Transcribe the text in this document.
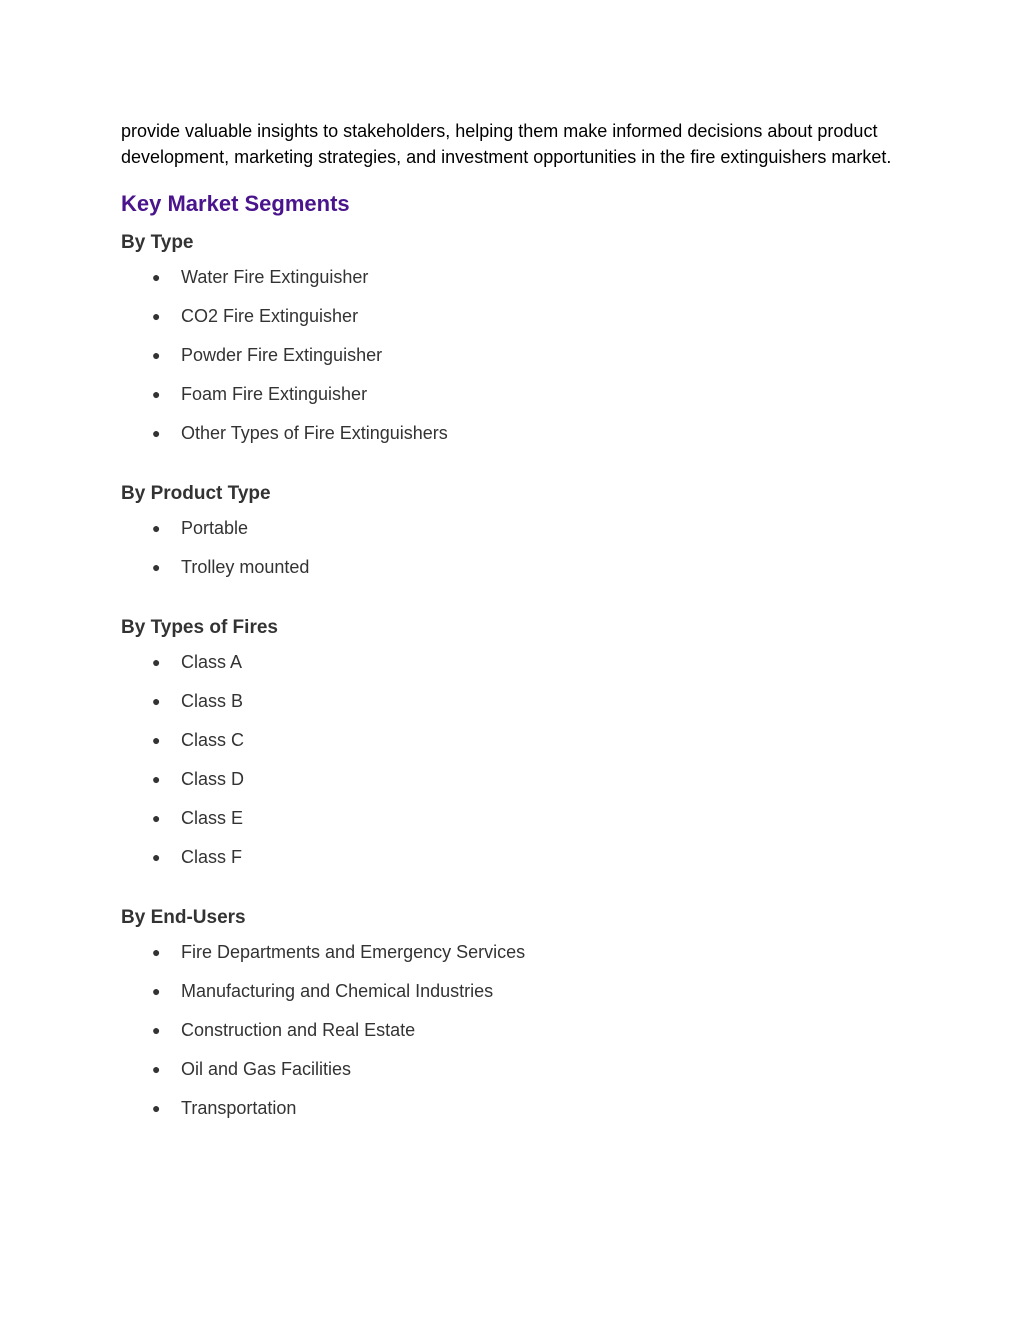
provide valuable insights to stakeholders, helping them make informed decisions about product development, marketing strategies, and investment opportunities in the fire extinguishers market.

Key Market Segments
By Type
● Water Fire Extinguisher
● CO2 Fire Extinguisher
● Powder Fire Extinguisher
● Foam Fire Extinguisher
● Other Types of Fire Extinguishers
By Product Type
● Portable
● Trolley mounted
By Types of Fires
● Class A
● Class B
● Class C
● Class D
● Class E
● Class F
By End-Users
● Fire Departments and Emergency Services
● Manufacturing and Chemical Industries
● Construction and Real Estate
● Oil and Gas Facilities
● Transportation
